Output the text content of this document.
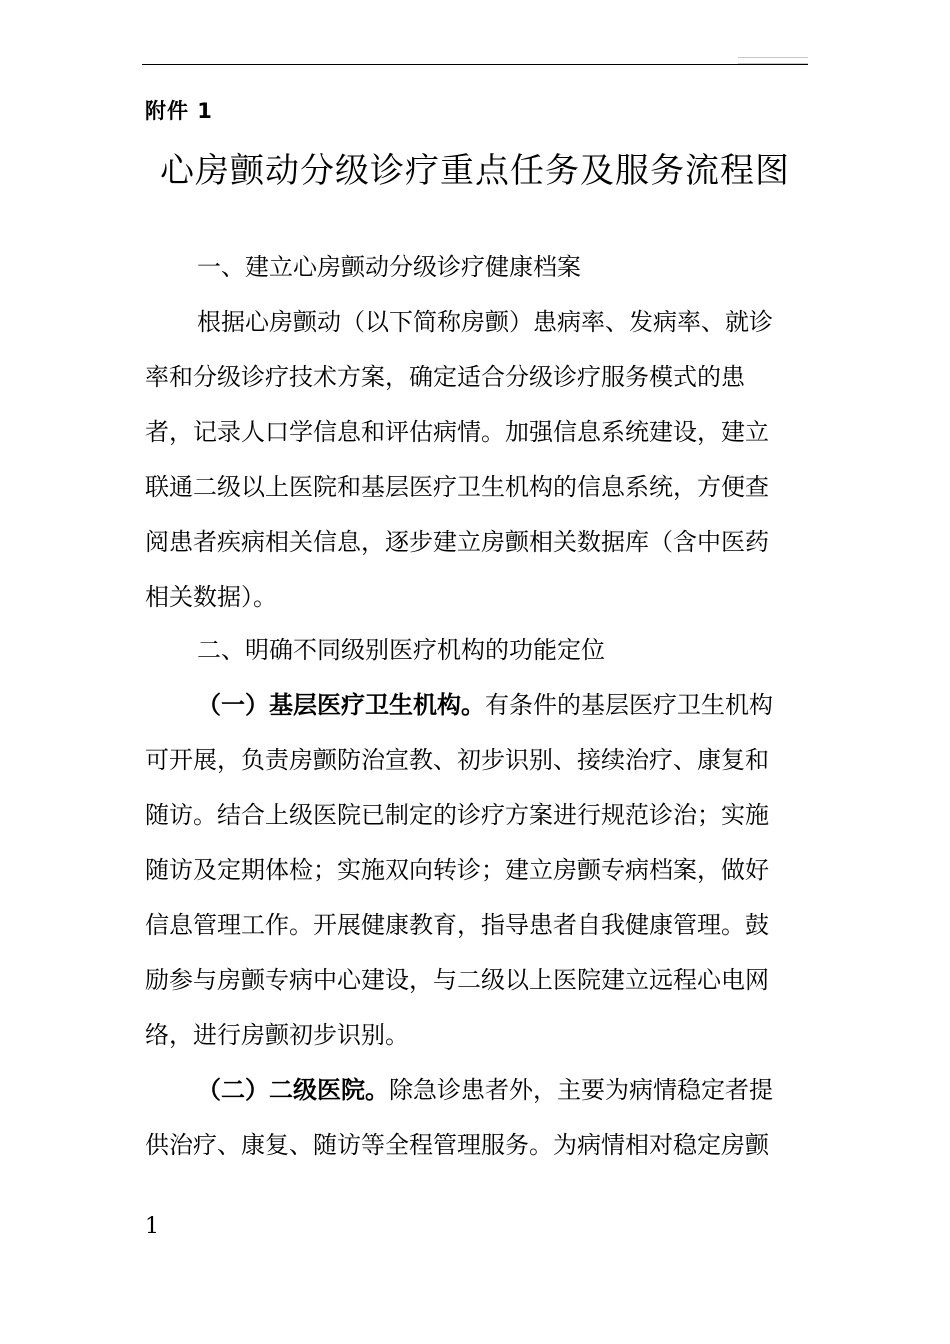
附件 1
心房颤动分级诊疗重点任务及服务流程图
一、建立心房颤动分级诊疗健康档案
根据心房颤动（以下简称房颤）患病率、发病率、就诊
率和分级诊疗技术方案，确定适合分级诊疗服务模式的患
者，记录人口学信息和评估病情。加强信息系统建设，建立
联通二级以上医院和基层医疗卫生机构的信息系统，方便查
阅患者疾病相关信息，逐步建立房颤相关数据库（含中医药
相关数据）。
二、明确不同级别医疗机构的功能定位
（一）基层医疗卫生机构。有条件的基层医疗卫生机构
可开展，负责房颤防治宣教、初步识别、接续治疗、康复和
随访。结合上级医院已制定的诊疗方案进行规范诊治；实施
随访及定期体检；实施双向转诊；建立房颤专病档案，做好
信息管理工作。开展健康教育，指导患者自我健康管理。鼓
励参与房颤专病中心建设，与二级以上医院建立远程心电网
络，进行房颤初步识别。
（二）二级医院。除急诊患者外，主要为病情稳定者提
供治疗、康复、随访等全程管理服务。为病情相对稳定房颤
1
